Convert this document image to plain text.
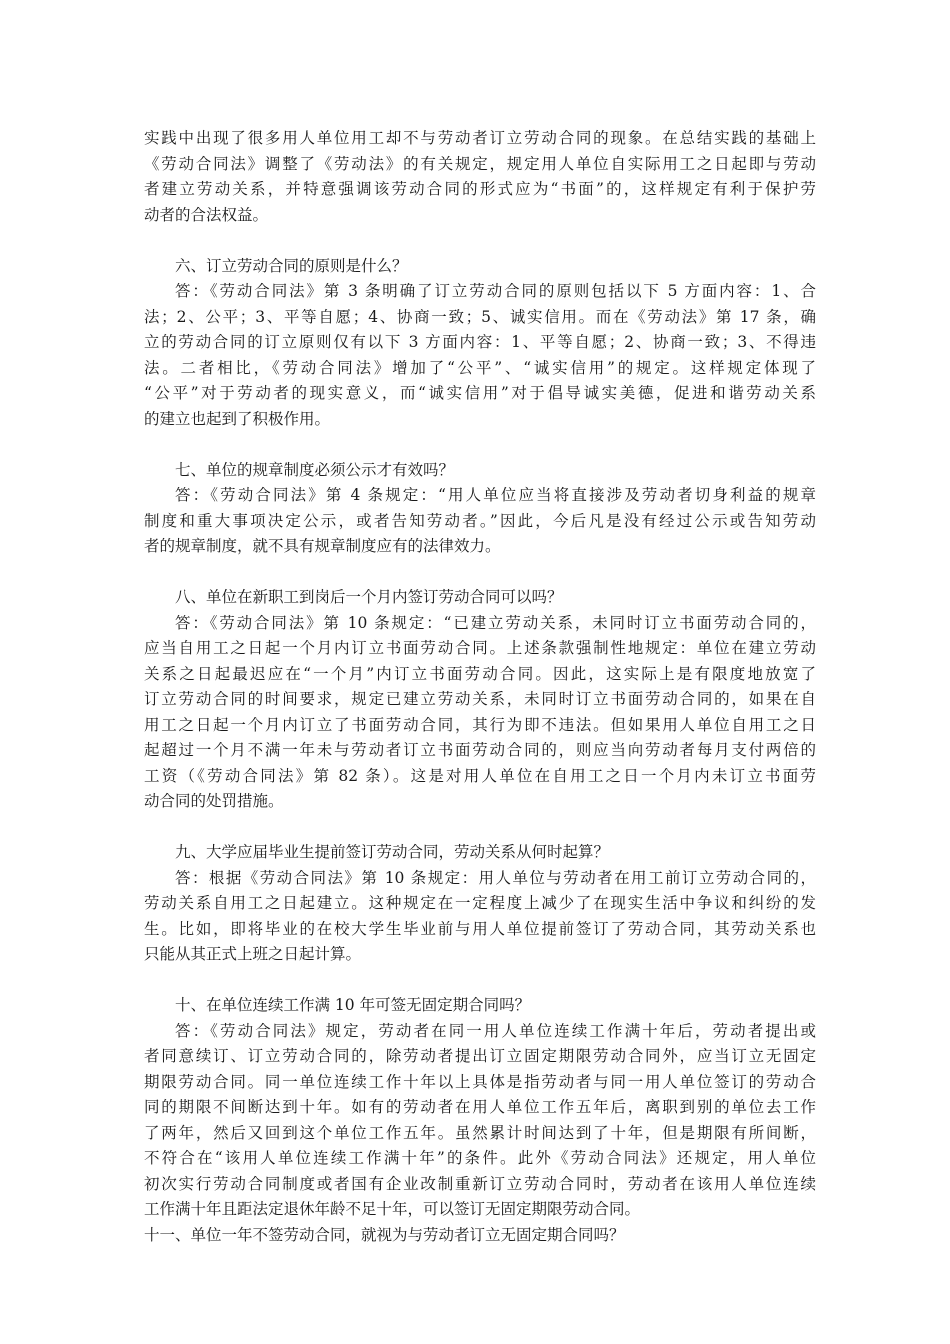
实践中出现了很多用人单位用工却不与劳动者订立劳动合同的现象。在总结实践的基础上
《劳动合同法》调整了《劳动法》的有关规定，规定用人单位自实际用工之日起即与劳动
者建立劳动关系，并特意强调该劳动合同的形式应为“书面”的，这样规定有利于保护劳
动者的合法权益。
六、订立劳动合同的原则是什么？
答：《劳动合同法》第 3 条明确了订立劳动合同的原则包括以下 5 方面内容：1、合
法；2、公平；3、平等自愿；4、协商一致；5、诚实信用。而在《劳动法》第 17 条，确
立的劳动合同的订立原则仅有以下 3 方面内容：1、平等自愿；2、协商一致；3、不得违
法。二者相比，《劳动合同法》增加了“公平”、“诚实信用”的规定。这样规定体现了
“公平”对于劳动者的现实意义，而“诚实信用”对于倡导诚实美德，促进和谐劳动关系
的建立也起到了积极作用。
七、单位的规章制度必须公示才有效吗？
答：《劳动合同法》第 4 条规定：“用人单位应当将直接涉及劳动者切身利益的规章
制度和重大事项决定公示，或者告知劳动者。”因此，今后凡是没有经过公示或告知劳动
者的规章制度，就不具有规章制度应有的法律效力。
八、单位在新职工到岗后一个月内签订劳动合同可以吗？
答：《劳动合同法》第 10 条规定：“已建立劳动关系，未同时订立书面劳动合同的，
应当自用工之日起一个月内订立书面劳动合同。上述条款强制性地规定：单位在建立劳动
关系之日起最迟应在“一个月”内订立书面劳动合同。因此，这实际上是有限度地放宽了
订立劳动合同的时间要求，规定已建立劳动关系，未同时订立书面劳动合同的，如果在自
用工之日起一个月内订立了书面劳动合同，其行为即不违法。但如果用人单位自用工之日
起超过一个月不满一年未与劳动者订立书面劳动合同的，则应当向劳动者每月支付两倍的
工资（《劳动合同法》第 82 条）。这是对用人单位在自用工之日一个月内未订立书面劳
动合同的处罚措施。
九、大学应届毕业生提前签订劳动合同，劳动关系从何时起算？
答：根据《劳动合同法》第 10 条规定：用人单位与劳动者在用工前订立劳动合同的，
劳动关系自用工之日起建立。这种规定在一定程度上减少了在现实生活中争议和纠纷的发
生。比如，即将毕业的在校大学生毕业前与用人单位提前签订了劳动合同，其劳动关系也
只能从其正式上班之日起计算。
十、在单位连续工作满 10 年可签无固定期合同吗？
答：《劳动合同法》规定，劳动者在同一用人单位连续工作满十年后，劳动者提出或
者同意续订、订立劳动合同的，除劳动者提出订立固定期限劳动合同外，应当订立无固定
期限劳动合同。同一单位连续工作十年以上具体是指劳动者与同一用人单位签订的劳动合
同的期限不间断达到十年。如有的劳动者在用人单位工作五年后，离职到别的单位去工作
了两年，然后又回到这个单位工作五年。虽然累计时间达到了十年，但是期限有所间断，
不符合在“该用人单位连续工作满十年”的条件。此外《劳动合同法》还规定，用人单位
初次实行劳动合同制度或者国有企业改制重新订立劳动合同时，劳动者在该用人单位连续
工作满十年且距法定退休年龄不足十年，可以签订无固定期限劳动合同。
十一、单位一年不签劳动合同，就视为与劳动者订立无固定期合同吗？
